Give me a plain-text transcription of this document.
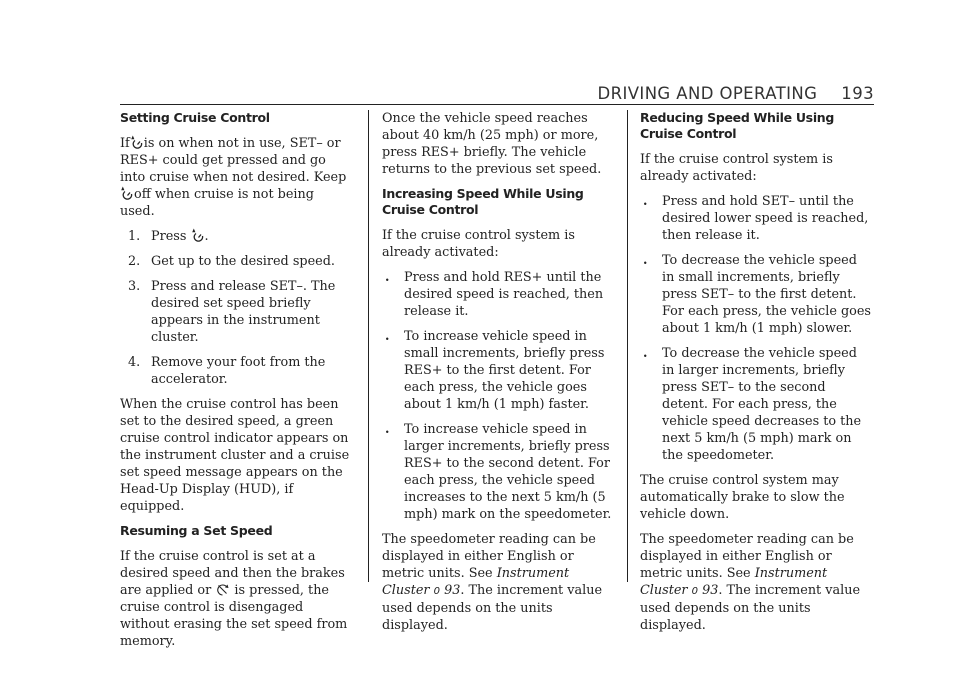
DRIVING AND OPERATING 193
Setting Cruise Control

If is on when not in use, SET– or RES+ could get pressed and go into cruise when not desired. Keep
off when cruise is not being used.

1. Press .
2. Get up to the desired speed.
3. Press and release SET–. The desired set speed briefly appears in the instrument cluster.
4. Remove your foot from the accelerator.

When the cruise control has been set to the desired speed, a green cruise control indicator appears on the instrument cluster and a cruise set speed message appears on the Head-Up Display (HUD), if equipped.

Resuming a Set Speed

If the cruise control is set at a desired speed and then the brakes are applied or is pressed, the cruise control is disengaged without erasing the set speed from memory.

Once the vehicle speed reaches about 40 km/h (25 mph) or more, press RES+ briefly. The vehicle returns to the previous set speed.

Increasing Speed While Using Cruise Control

If the cruise control system is already activated:

. Press and hold RES+ until the desired speed is reached, then release it.
. To increase vehicle speed in small increments, briefly press RES+ to the first detent. For each press, the vehicle goes about 1 km/h (1 mph) faster.
. To increase vehicle speed in larger increments, briefly press RES+ to the second detent. For each press, the vehicle speed increases to the next 5 km/h (5 mph) mark on the speedometer.

The speedometer reading can be displayed in either English or metric units. See Instrument Cluster 0 93. The increment value used depends on the units displayed.

Reducing Speed While Using Cruise Control

If the cruise control system is already activated:

. Press and hold SET– until the desired lower speed is reached, then release it.
. To decrease the vehicle speed in small increments, briefly press SET– to the first detent. For each press, the vehicle goes about 1 km/h (1 mph) slower.
. To decrease the vehicle speed in larger increments, briefly press SET– to the second detent. For each press, the vehicle speed decreases to the next 5 km/h (5 mph) mark on the speedometer.

The cruise control system may automatically brake to slow the vehicle down.

The speedometer reading can be displayed in either English or metric units. See Instrument Cluster 0 93. The increment value used depends on the units displayed.
